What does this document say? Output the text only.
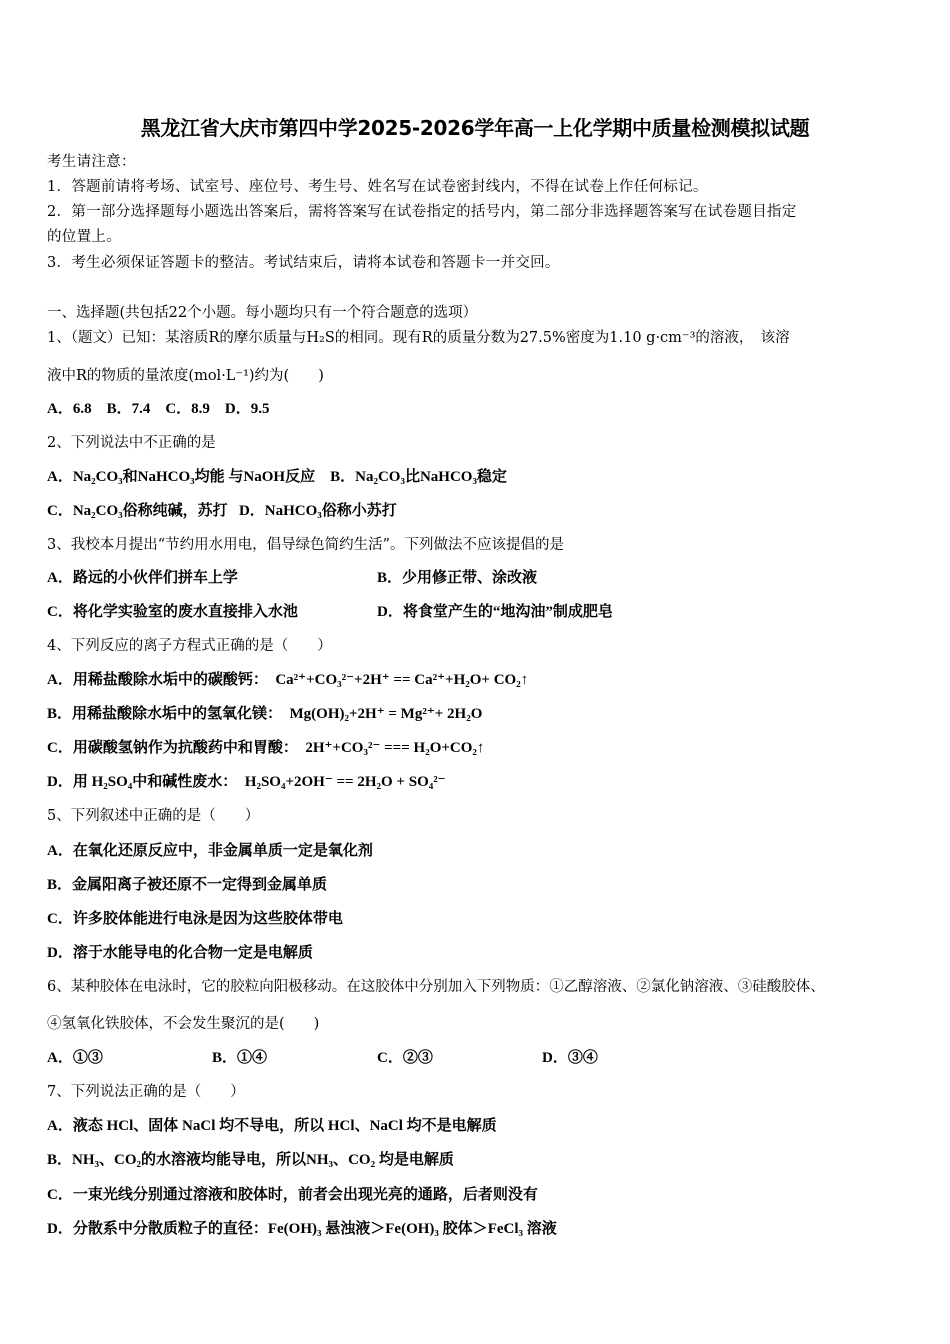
黑龙江省大庆市第四中学2025-2026学年高一上化学期中质量检测模拟试题
考生请注意：
1．答题前请将考场、试室号、座位号、考生号、姓名写在试卷密封线内，不得在试卷上作任何标记。
2．第一部分选择题每小题选出答案后，需将答案写在试卷指定的括号内，第二部分非选择题答案写在试卷题目指定
的位置上。
3．考生必须保证答题卡的整洁。考试结束后，请将本试卷和答题卡一并交回。
一、选择题(共包括22个小题。每小题均只有一个符合题意的选项）
1、（题文）已知：某溶质R的摩尔质量与H₂S的相同。现有R的质量分数为27.5%密度为1.10 g·cm⁻³的溶液，　该溶
液中R的物质的量浓度(mol·L⁻¹)约为(　　)
A．6.8　B．7.4　C．8.9　D．9.5
2、下列说法中不正确的是
A．Na₂CO₃和NaHCO₃均能 与NaOH反应 B．Na₂CO₃比NaHCO₃稳定
C．Na₂CO₃俗称纯碱，苏打 D．NaHCO₃俗称小苏打
3、我校本月提出“节约用水用电，倡导绿色简约生活”。下列做法不应该提倡的是
A．路远的小伙伴们拼车上学	B．少用修正带、涂改液
C．将化学实验室的废水直接排入水池	D．将食堂产生的“地沟油”制成肥皂
4、下列反应的离子方程式正确的是（　　）
A．用稀盐酸除水垢中的碳酸钙： Ca²⁺+CO₃²⁻+2H⁺ == Ca²⁺+H₂O+ CO₂↑
B．用稀盐酸除水垢中的氢氧化镁： Mg(OH)₂+2H⁺ = Mg²⁺+ 2H₂O
C．用碳酸氢钠作为抗酸药中和胃酸： 2H⁺+CO₃²⁻ === H₂O+CO₂↑
D．用 H₂SO₄中和碱性废水： H₂SO₄+2OH⁻ == 2H₂O + SO₄²⁻
5、下列叙述中正确的是（　　）
A．在氧化还原反应中，非金属单质一定是氧化剂
B．金属阳离子被还原不一定得到金属单质
C．许多胶体能进行电泳是因为这些胶体带电
D．溶于水能导电的化合物一定是电解质
6、某种胶体在电泳时，它的胶粒向阳极移动。在这胶体中分别加入下列物质：①乙醇溶液、②氯化钠溶液、③硅酸胶体、
④氢氧化铁胶体，不会发生聚沉的是(　　)
A．①③	B．①④	C．②③	D．③④
7、下列说法正确的是（　　）
A．液态 HCl、固体 NaCl 均不导电，所以 HCl、NaCl 均不是电解质
B．NH₃、CO₂的水溶液均能导电，所以NH₃、CO₂ 均是电解质
C．一束光线分别通过溶液和胶体时，前者会出现光亮的通路，后者则没有
D．分散系中分散质粒子的直径：Fe(OH)₃ 悬浊液＞Fe(OH)₃ 胶体＞FeCl₃ 溶液
